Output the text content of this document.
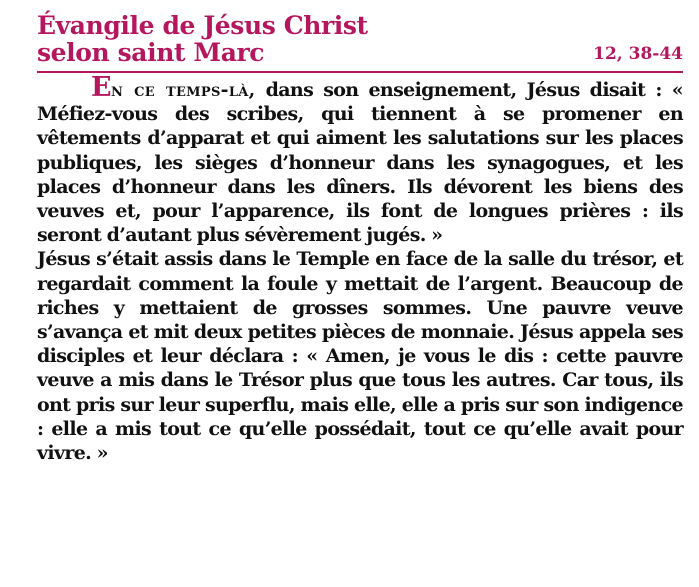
Évangile de Jésus Christ
selon saint Marc	12, 38-44

En ce temps-là, dans son enseignement, Jésus disait : « Méfiez-vous des scribes, qui tiennent à se promener en vêtements d’apparat et qui aiment les salutations sur les places publiques, les sièges d’honneur dans les synagogues, et les places d’honneur dans les dîners. Ils dévorent les biens des veuves et, pour l’apparence, ils font de longues prières : ils seront d’autant plus sévèrement jugés. »

Jésus s’était assis dans le Temple en face de la salle du trésor, et regardait comment la foule y mettait de l’argent. Beaucoup de riches y mettaient de grosses sommes. Une pauvre veuve s’avança et mit deux petites pièces de monnaie. Jésus appela ses disciples et leur déclara : « Amen, je vous le dis : cette pauvre veuve a mis dans le Trésor plus que tous les autres. Car tous, ils ont pris sur leur superflu, mais elle, elle a pris sur son indigence : elle a mis tout ce qu’elle possédait, tout ce qu’elle avait pour vivre. »
